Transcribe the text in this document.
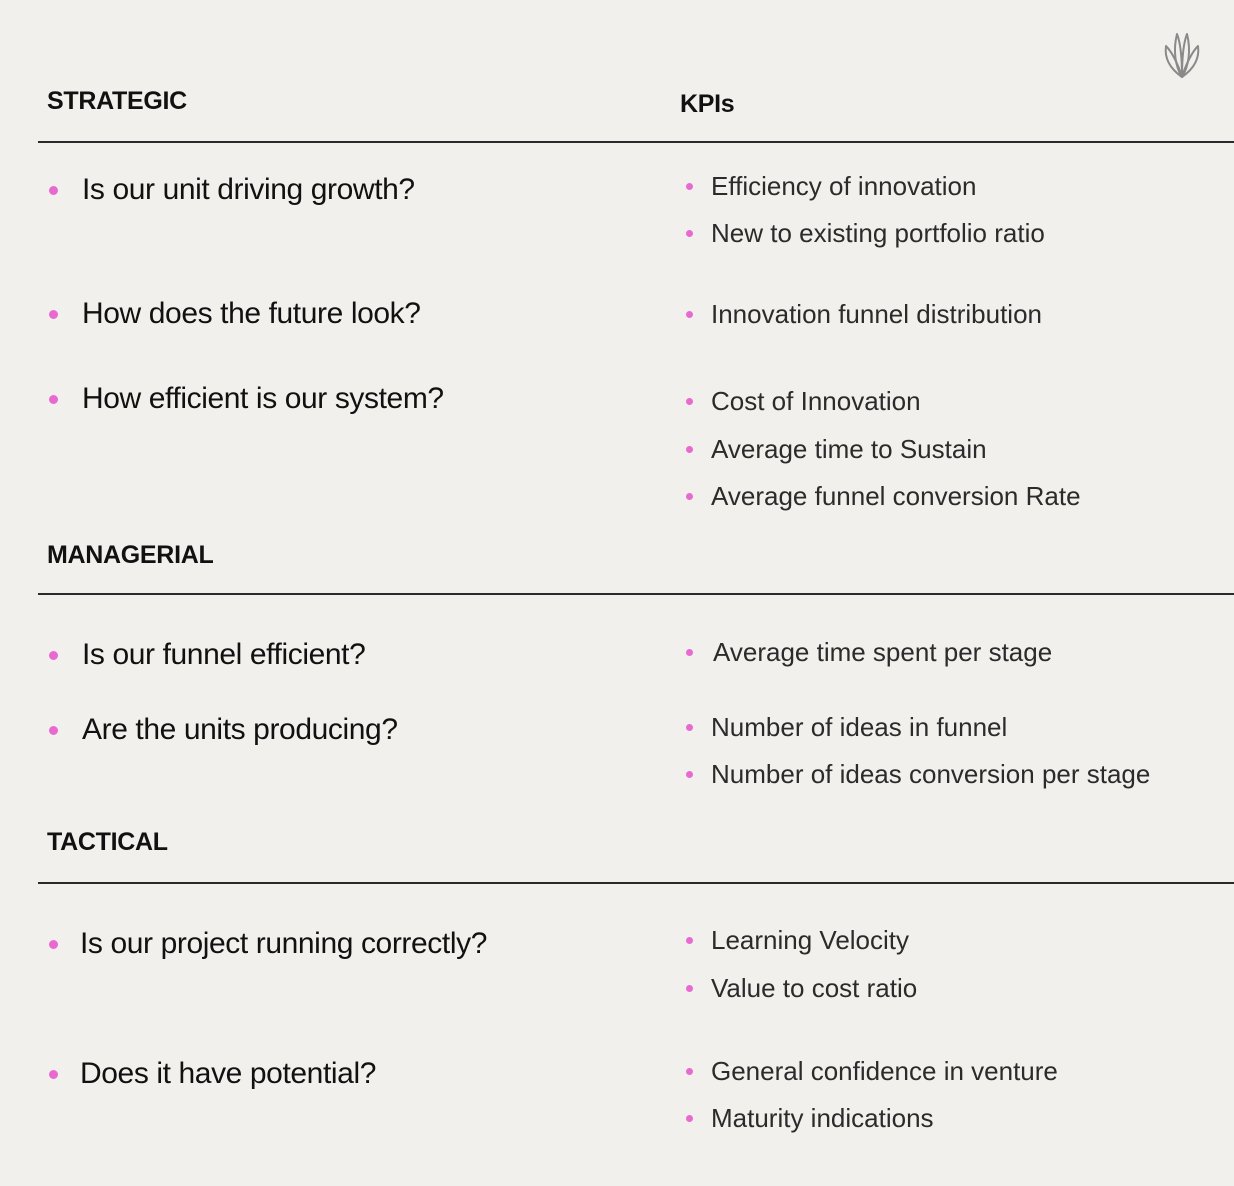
STRATEGIC	KPIs
Is our unit driving growth?	Efficiency of innovation
New to existing portfolio ratio
How does the future look?	Innovation funnel distribution
How efficient is our system?	Cost of Innovation
Average time to Sustain
Average funnel conversion Rate
MANAGERIAL
Is our funnel efficient?	Average time spent per stage
Are the units producing?	Number of ideas in funnel
Number of ideas conversion per stage
TACTICAL
Is our project running correctly?	Learning Velocity
Value to cost ratio
Does it have potential?	General confidence in venture
Maturity indications
